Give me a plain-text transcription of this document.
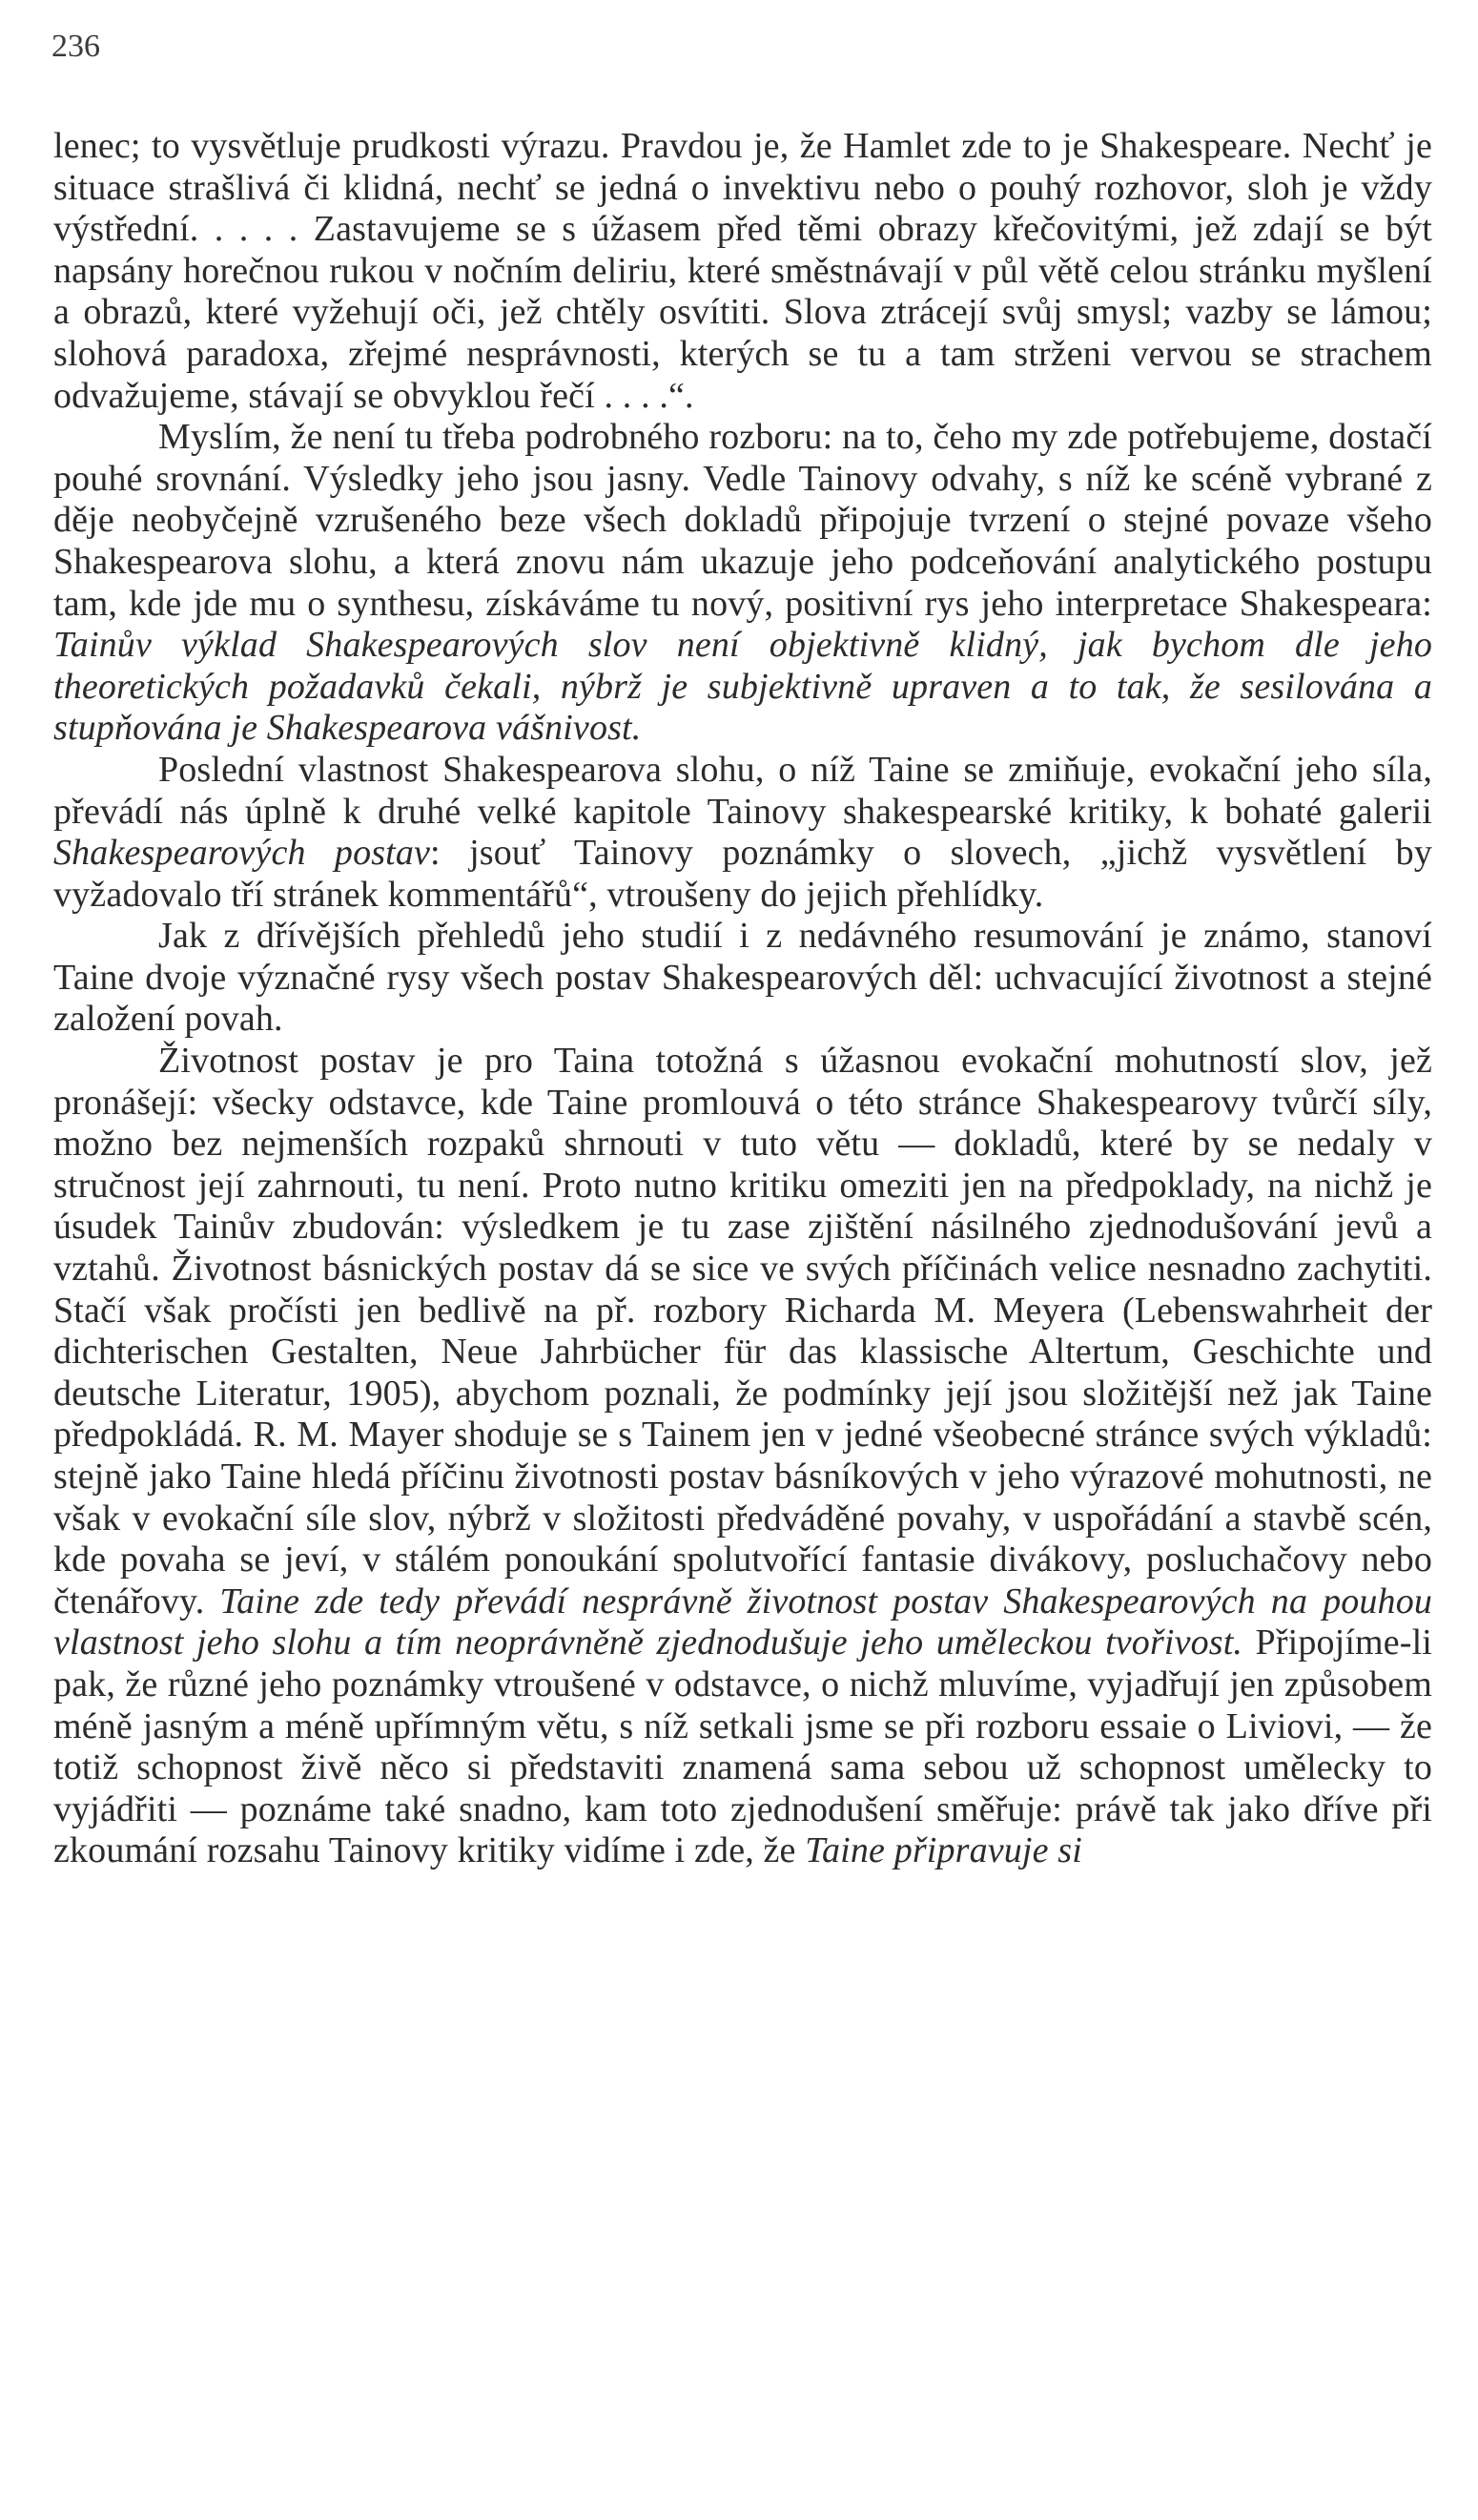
236

lenec; to vysvětluje prudkosti výrazu. Pravdou je, že Hamlet zde to je Shakespeare. Nechť je situace strašlivá či klidná, nechť se jedná o invektivu nebo o pouhý rozhovor, sloh je vždy výstřední. . . . . Zastavujeme se s úžasem před těmi obrazy křečovitými, jež zdají se být napsány horečnou rukou v nočním deliriu, které směstnávají v půl větě celou stránku myšlení a obrazů, které vyžehují oči, jež chtěly osvítiti. Slova ztrácejí svůj smysl; vazby se lámou; slohová paradoxa, zřejmé nesprávnosti, kterých se tu a tam strženi vervou se strachem odvažujeme, stávají se obvyklou řečí . . . .“.

Myslím, že není tu třeba podrobného rozboru: na to, čeho my zde potřebujeme, dostačí pouhé srovnání. Výsledky jeho jsou jasny. Vedle Tainovy odvahy, s níž ke scéně vybrané z děje neobyčejně vzrušeného beze všech dokladů připojuje tvrzení o stejné povaze všeho Shakespearova slohu, a která znovu nám ukazuje jeho podceňování analytického postupu tam, kde jde mu o synthesu, získáváme tu nový, positivní rys jeho interpretace Shakespeara: Tainův výklad Shakespearových slov není objektivně klidný, jak bychom dle jeho theoretických požadavků čekali, nýbrž je subjektivně upraven a to tak, že sesilována a stupňována je Shakespearova vášnivost.

Poslední vlastnost Shakespearova slohu, o níž Taine se zmiňuje, evokační jeho síla, převádí nás úplně k druhé velké kapitole Tainovy shakespearské kritiky, k bohaté galerii Shakespearových postav: jsouť Tainovy poznámky o slovech, „jichž vysvětlení by vyžadovalo tří stránek kommentářů“, vtroušeny do jejich přehlídky.

Jak z dřívějších přehledů jeho studií i z nedávného resumování je známo, stanoví Taine dvoje význačné rysy všech postav Shakespearových děl: uchvacující životnost a stejné založení povah.

Životnost postav je pro Taina totožná s úžasnou evokační mohutností slov, jež pronášejí: všecky odstavce, kde Taine promlouvá o této stránce Shakespearovy tvůrčí síly, možno bez nejmenších rozpaků shrnouti v tuto větu — dokladů, které by se nedaly v stručnost její zahrnouti, tu není. Proto nutno kritiku omeziti jen na předpoklady, na nichž je úsudek Tainův zbudován: výsledkem je tu zase zjištění násilného zjednodušování jevů a vztahů. Životnost básnických postav dá se sice ve svých příčinách velice nesnadno zachytiti. Stačí však pročísti jen bedlivě na př. rozbory Richarda M. Meyera (Lebenswahrheit der dichterischen Gestalten, Neue Jahrbücher für das klassische Altertum, Geschichte und deutsche Literatur, 1905), abychom poznali, že podmínky její jsou složitější než jak Taine předpokládá. R. M. Mayer shoduje se s Tainem jen v jedné všeobecné stránce svých výkladů: stejně jako Taine hledá příčinu životnosti postav básníkových v jeho výrazové mohutnosti, ne však v evokační síle slov, nýbrž v složitosti předváděné povahy, v uspořádání a stavbě scén, kde povaha se jeví, v stálém ponoukání spolutvořící fantasie divákovy, posluchačovy nebo čtenářovy. Taine zde tedy převádí nesprávně životnost postav Shakespearových na pouhou vlastnost jeho slohu a tím neoprávněně zjednodušuje jeho uměleckou tvořivost. Připojíme-li pak, že různé jeho poznámky vtroušené v odstavce, o nichž mluvíme, vyjadřují jen způsobem méně jasným a méně upřímným větu, s níž setkali jsme se při rozboru essaie o Liviovi, — že totiž schopnost živě něco si představiti znamená sama sebou už schopnost umělecky to vyjádřiti — poznáme také snadno, kam toto zjednodušení směřuje: právě tak jako dříve při zkoumání rozsahu Tainovy kritiky vidíme i zde, že Taine připravuje si
